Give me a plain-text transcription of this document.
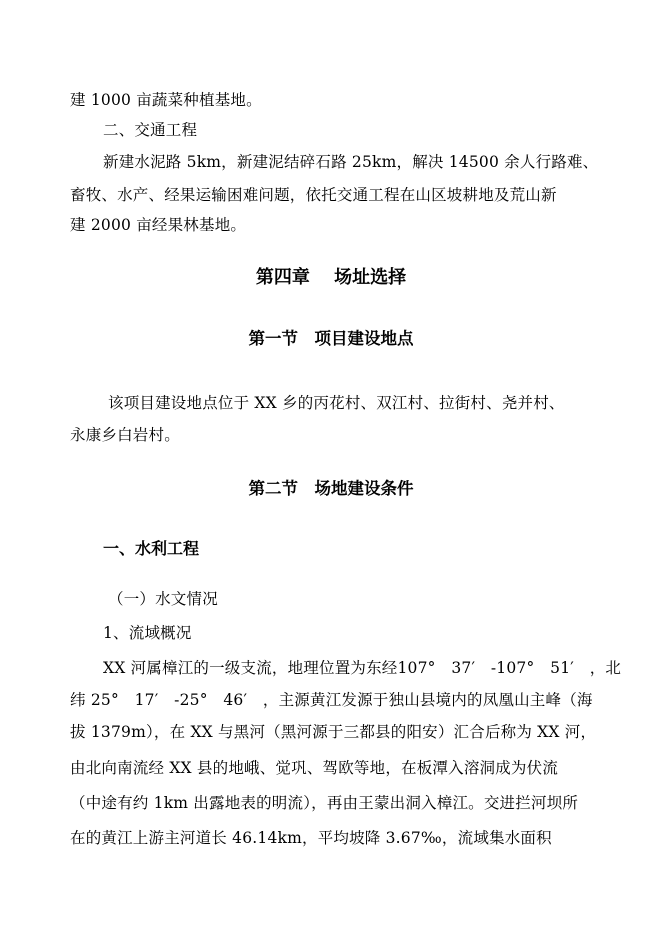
建 1000 亩蔬菜种植基地。
二、交通工程
新建水泥路 5km，新建泥结碎石路 25km，解决 14500 余人行路难、
畜牧、水产、经果运输困难问题，依托交通工程在山区坡耕地及荒山新
建 2000 亩经果林基地。
第四章　 场址选择
第一节　项目建设地点
该项目建设地点位于 XX 乡的丙花村、双江村、拉街村、尧并村、
永康乡白岩村。
第二节　场地建设条件
一、水利工程
（一）水文情况
1、流域概况
XX 河属樟江的一级支流，地理位置为东经107°　37′　-107°　51′　，北
纬 25°　17′　-25°　46′　，主源黄江发源于独山县境内的凤凰山主峰（海
拔 1379m），在 XX 与黑河（黑河源于三都县的阳安）汇合后称为 XX 河，
由北向南流经 XX 县的地峨、觉巩、驾欧等地，在板潭入溶洞成为伏流
（中途有约 1km 出露地表的明流），再由王蒙出洞入樟江。交进拦河坝所
在的黄江上游主河道长 46.14km，平均坡降 3.67‰，流域集水面积
